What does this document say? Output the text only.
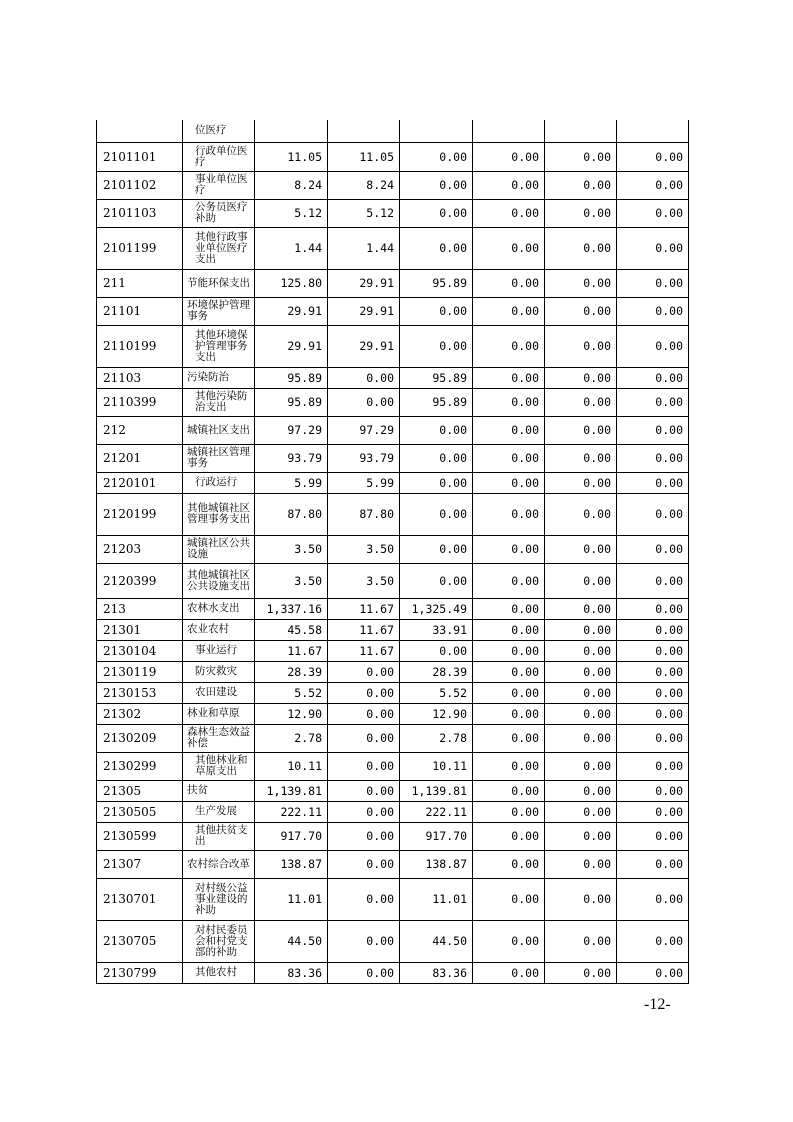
	位医疗						
2101101	行政单位医疗	11.05	11.05	0.00	0.00	0.00	0.00
2101102	事业单位医疗	8.24	8.24	0.00	0.00	0.00	0.00
2101103	公务员医疗补助	5.12	5.12	0.00	0.00	0.00	0.00
2101199	其他行政事业单位医疗支出	1.44	1.44	0.00	0.00	0.00	0.00
211	节能环保支出	125.80	29.91	95.89	0.00	0.00	0.00
21101	环境保护管理事务	29.91	29.91	0.00	0.00	0.00	0.00
2110199	其他环境保护管理事务支出	29.91	29.91	0.00	0.00	0.00	0.00
21103	污染防治	95.89	0.00	95.89	0.00	0.00	0.00
2110399	其他污染防治支出	95.89	0.00	95.89	0.00	0.00	0.00
212	城镇社区支出	97.29	97.29	0.00	0.00	0.00	0.00
21201	城镇社区管理事务	93.79	93.79	0.00	0.00	0.00	0.00
2120101	行政运行	5.99	5.99	0.00	0.00	0.00	0.00
2120199	其他城镇社区管理事务支出	87.80	87.80	0.00	0.00	0.00	0.00
21203	城镇社区公共设施	3.50	3.50	0.00	0.00	0.00	0.00
2120399	其他城镇社区公共设施支出	3.50	3.50	0.00	0.00	0.00	0.00
213	农林水支出	1,337.16	11.67	1,325.49	0.00	0.00	0.00
21301	农业农村	45.58	11.67	33.91	0.00	0.00	0.00
2130104	事业运行	11.67	11.67	0.00	0.00	0.00	0.00
2130119	防灾救灾	28.39	0.00	28.39	0.00	0.00	0.00
2130153	农田建设	5.52	0.00	5.52	0.00	0.00	0.00
21302	林业和草原	12.90	0.00	12.90	0.00	0.00	0.00
2130209	森林生态效益补偿	2.78	0.00	2.78	0.00	0.00	0.00
2130299	其他林业和草原支出	10.11	0.00	10.11	0.00	0.00	0.00
21305	扶贫	1,139.81	0.00	1,139.81	0.00	0.00	0.00
2130505	生产发展	222.11	0.00	222.11	0.00	0.00	0.00
2130599	其他扶贫支出	917.70	0.00	917.70	0.00	0.00	0.00
21307	农村综合改革	138.87	0.00	138.87	0.00	0.00	0.00
2130701	对村级公益事业建设的补助	11.01	0.00	11.01	0.00	0.00	0.00
2130705	对村民委员会和村党支部的补助	44.50	0.00	44.50	0.00	0.00	0.00
2130799	其他农村	83.36	0.00	83.36	0.00	0.00	0.00
-12-
